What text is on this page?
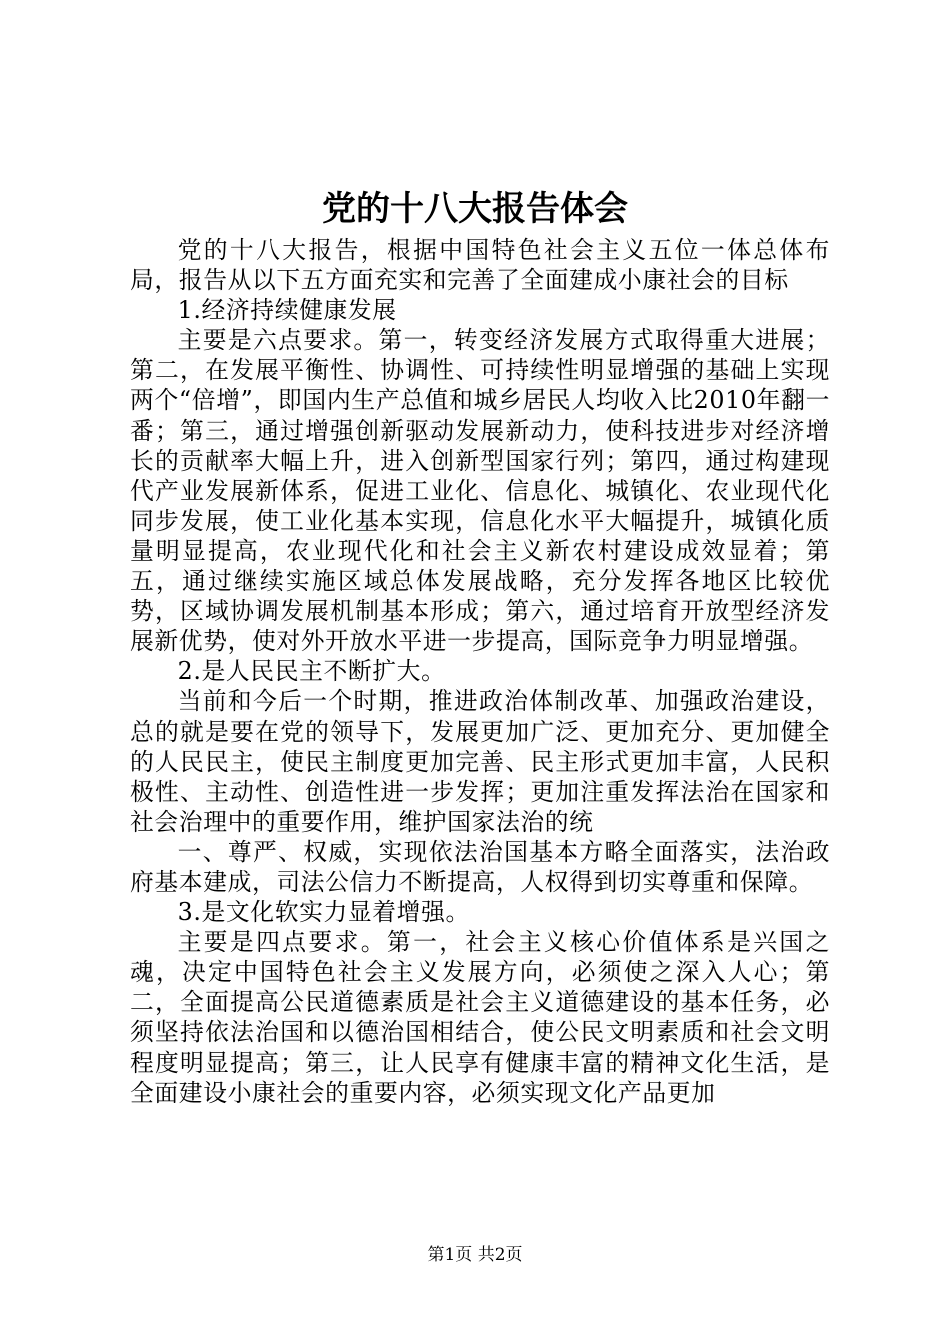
党的十八大报告体会

党的十八大报告，根据中国特色社会主义五位一体总体布局，报告从以下五方面充实和完善了全面建成小康社会的目标

1.经济持续健康发展

主要是六点要求。第一，转变经济发展方式取得重大进展；第二，在发展平衡性、协调性、可持续性明显增强的基础上实现两个“倍增”，即国内生产总值和城乡居民人均收入比2010年翻一番；第三，通过增强创新驱动发展新动力，使科技进步对经济增长的贡献率大幅上升，进入创新型国家行列；第四，通过构建现代产业发展新体系，促进工业化、信息化、城镇化、农业现代化同步发展，使工业化基本实现，信息化水平大幅提升，城镇化质量明显提高，农业现代化和社会主义新农村建设成效显着；第五，通过继续实施区域总体发展战略，充分发挥各地区比较优势，区域协调发展机制基本形成；第六，通过培育开放型经济发展新优势，使对外开放水平进一步提高，国际竞争力明显增强。

2.是人民民主不断扩大。

当前和今后一个时期，推进政治体制改革、加强政治建设，总的就是要在党的领导下，发展更加广泛、更加充分、更加健全的人民民主，使民主制度更加完善、民主形式更加丰富，人民积极性、主动性、创造性进一步发挥；更加注重发挥法治在国家和社会治理中的重要作用，维护国家法治的统

一、尊严、权威，实现依法治国基本方略全面落实，法治政府基本建成，司法公信力不断提高，人权得到切实尊重和保障。

3.是文化软实力显着增强。

主要是四点要求。第一，社会主义核心价值体系是兴国之魂，决定中国特色社会主义发展方向，必须使之深入人心；第二，全面提高公民道德素质是社会主义道德建设的基本任务，必须坚持依法治国和以德治国相结合，使公民文明素质和社会文明程度明显提高；第三，让人民享有健康丰富的精神文化生活，是全面建设小康社会的重要内容，必须实现文化产品更加

第1页 共2页
